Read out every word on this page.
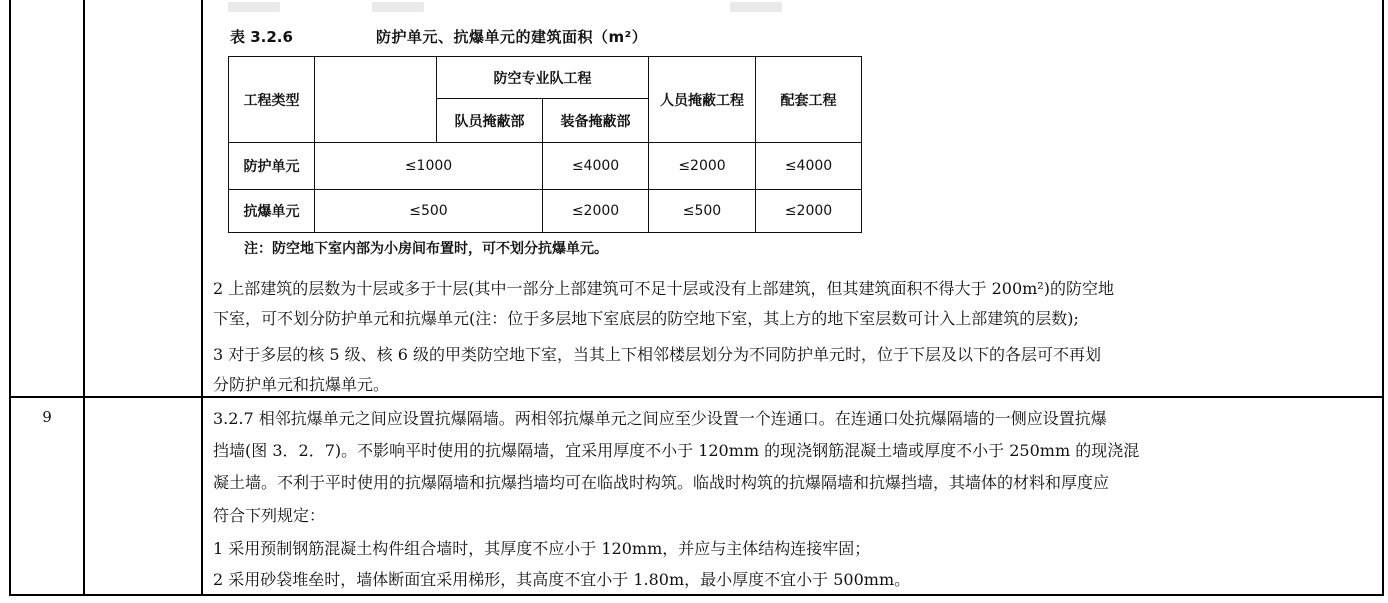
9
表 3.2.6	防护单元、抗爆单元的建筑面积（m²）
工程类型		防空专业队工程		人员掩蔽工程	配套工程
		队员掩蔽部	装备掩蔽部		
防护单元	≤1000		≤4000	≤2000	≤4000
抗爆单元	≤500		≤2000	≤500	≤2000
注：防空地下室内部为小房间布置时，可不划分抗爆单元。
2 上部建筑的层数为十层或多于十层(其中一部分上部建筑可不足十层或没有上部建筑，但其建筑面积不得大于 200m²)的防空地
下室，可不划分防护单元和抗爆单元(注：位于多层地下室底层的防空地下室，其上方的地下室层数可计入上部建筑的层数);
3 对于多层的核 5 级、核 6 级的甲类防空地下室，当其上下相邻楼层划分为不同防护单元时，位于下层及以下的各层可不再划
分防护单元和抗爆单元。
3.2.7 相邻抗爆单元之间应设置抗爆隔墙。两相邻抗爆单元之间应至少设置一个连通口。在连通口处抗爆隔墙的一侧应设置抗爆
挡墙(图 3．2．7)。不影响平时使用的抗爆隔墙，宜采用厚度不小于 120mm 的现浇钢筋混凝土墙或厚度不小于 250mm 的现浇混
凝土墙。不利于平时使用的抗爆隔墙和抗爆挡墙均可在临战时构筑。临战时构筑的抗爆隔墙和抗爆挡墙，其墙体的材料和厚度应
符合下列规定：
1 采用预制钢筋混凝土构件组合墙时，其厚度不应小于 120mm，并应与主体结构连接牢固；
2 采用砂袋堆垒时，墙体断面宜采用梯形，其高度不宜小于 1.80m，最小厚度不宜小于 500mm。
